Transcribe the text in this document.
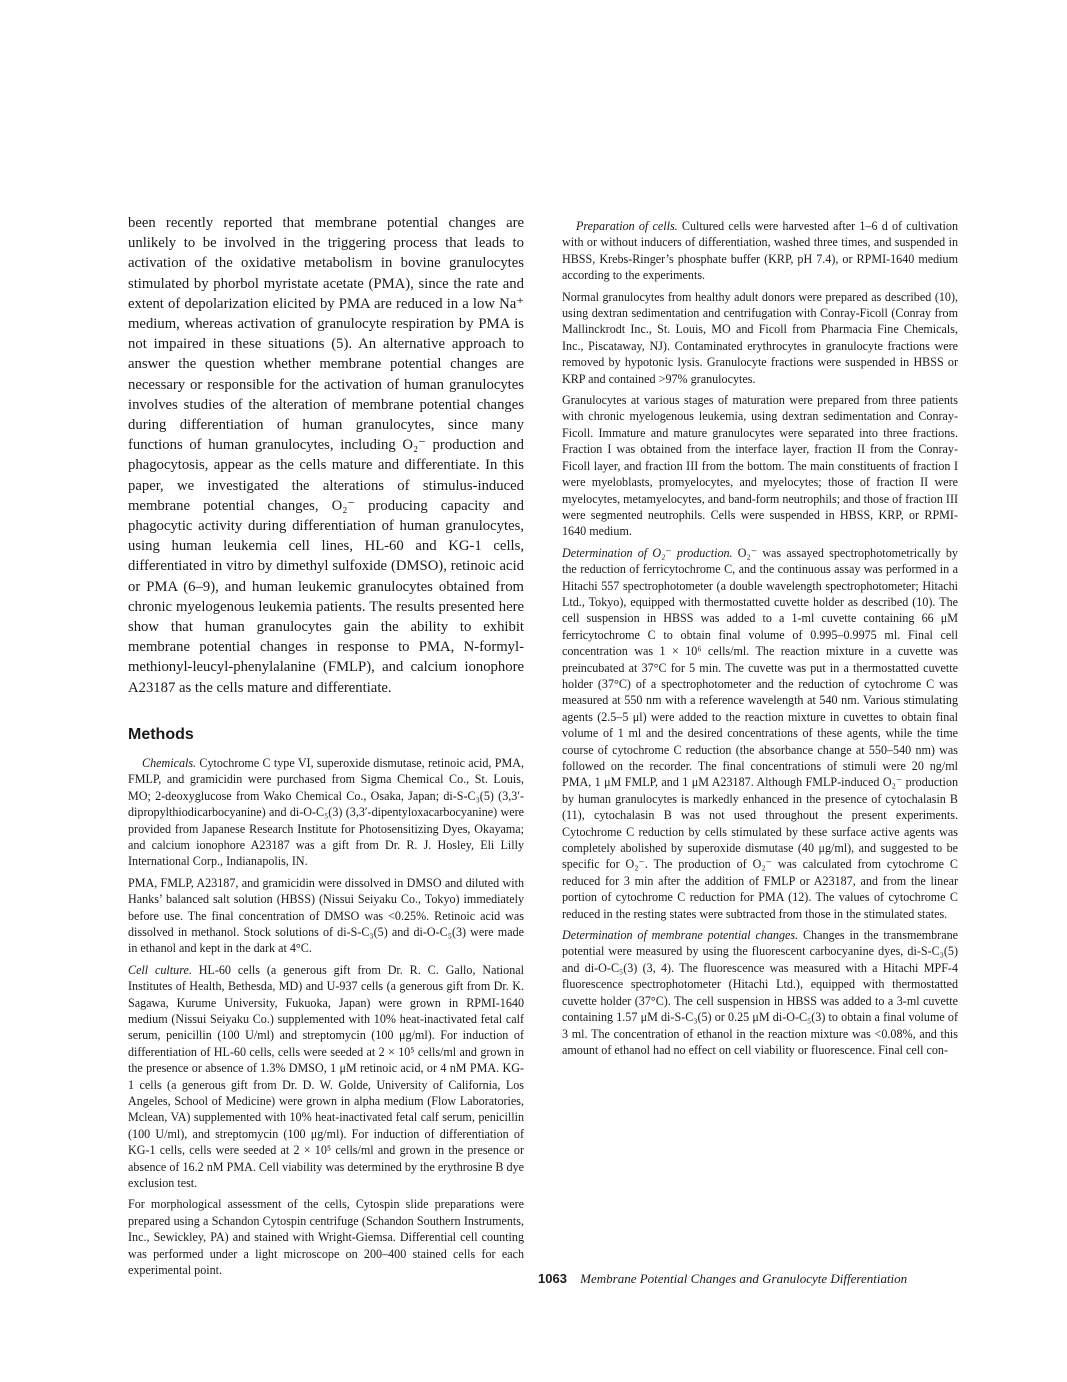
been recently reported that membrane potential changes are unlikely to be involved in the triggering process that leads to activation of the oxidative metabolism in bovine granulocytes stimulated by phorbol myristate acetate (PMA), since the rate and extent of depolarization elicited by PMA are reduced in a low Na⁺ medium, whereas activation of granulocyte respiration by PMA is not impaired in these situations (5). An alternative approach to answer the question whether membrane potential changes are necessary or responsible for the activation of human granulocytes involves studies of the alteration of membrane potential changes during differentiation of human granulocytes, since many functions of human granulocytes, including O₂⁻ production and phagocytosis, appear as the cells mature and differentiate. In this paper, we investigated the alterations of stimulus-induced membrane potential changes, O₂⁻ producing capacity and phagocytic activity during differentiation of human granulocytes, using human leukemia cell lines, HL-60 and KG-1 cells, differentiated in vitro by dimethyl sulfoxide (DMSO), retinoic acid or PMA (6–9), and human leukemic granulocytes obtained from chronic myelogenous leukemia patients. The results presented here show that human granulocytes gain the ability to exhibit membrane potential changes in response to PMA, N-formyl-methionyl-leucyl-phenylalanine (FMLP), and calcium ionophore A23187 as the cells mature and differentiate.

Methods

Chemicals. Cytochrome C type VI, superoxide dismutase, retinoic acid, PMA, FMLP, and gramicidin were purchased from Sigma Chemical Co., St. Louis, MO; 2-deoxyglucose from Wako Chemical Co., Osaka, Japan; di-S-C₃(5) (3,3′-dipropylthiodicarbocyanine) and di-O-C₅(3) (3,3′-dipentyloxacarbocyanine) were provided from Japanese Research Institute for Photosensitizing Dyes, Okayama; and calcium ionophore A23187 was a gift from Dr. R. J. Hosley, Eli Lilly International Corp., Indianapolis, IN.

PMA, FMLP, A23187, and gramicidin were dissolved in DMSO and diluted with Hanks’ balanced salt solution (HBSS) (Nissui Seiyaku Co., Tokyo) immediately before use. The final concentration of DMSO was <0.25%. Retinoic acid was dissolved in methanol. Stock solutions of di-S-C₃(5) and di-O-C₅(3) were made in ethanol and kept in the dark at 4°C.

Cell culture. HL-60 cells (a generous gift from Dr. R. C. Gallo, National Institutes of Health, Bethesda, MD) and U-937 cells (a generous gift from Dr. K. Sagawa, Kurume University, Fukuoka, Japan) were grown in RPMI-1640 medium (Nissui Seiyaku Co.) supplemented with 10% heat-inactivated fetal calf serum, penicillin (100 U/ml) and streptomycin (100 μg/ml). For induction of differentiation of HL-60 cells, cells were seeded at 2 × 10⁵ cells/ml and grown in the presence or absence of 1.3% DMSO, 1 μM retinoic acid, or 4 nM PMA. KG-1 cells (a generous gift from Dr. D. W. Golde, University of California, Los Angeles, School of Medicine) were grown in alpha medium (Flow Laboratories, Mclean, VA) supplemented with 10% heat-inactivated fetal calf serum, penicillin (100 U/ml), and streptomycin (100 μg/ml). For induction of differentiation of KG-1 cells, cells were seeded at 2 × 10⁵ cells/ml and grown in the presence or absence of 16.2 nM PMA. Cell viability was determined by the erythrosine B dye exclusion test.

For morphological assessment of the cells, Cytospin slide preparations were prepared using a Schandon Cytospin centrifuge (Schandon Southern Instruments, Inc., Sewickley, PA) and stained with Wright-Giemsa. Differential cell counting was performed under a light microscope on 200–400 stained cells for each experimental point.

Preparation of cells. Cultured cells were harvested after 1–6 d of cultivation with or without inducers of differentiation, washed three times, and suspended in HBSS, Krebs-Ringer’s phosphate buffer (KRP, pH 7.4), or RPMI-1640 medium according to the experiments.

Normal granulocytes from healthy adult donors were prepared as described (10), using dextran sedimentation and centrifugation with Conray-Ficoll (Conray from Mallinckrodt Inc., St. Louis, MO and Ficoll from Pharmacia Fine Chemicals, Inc., Piscataway, NJ). Contaminated erythrocytes in granulocyte fractions were removed by hypotonic lysis. Granulocyte fractions were suspended in HBSS or KRP and contained >97% granulocytes.

Granulocytes at various stages of maturation were prepared from three patients with chronic myelogenous leukemia, using dextran sedimentation and Conray-Ficoll. Immature and mature granulocytes were separated into three fractions. Fraction I was obtained from the interface layer, fraction II from the Conray-Ficoll layer, and fraction III from the bottom. The main constituents of fraction I were myeloblasts, promyelocytes, and myelocytes; those of fraction II were myelocytes, metamyelocytes, and band-form neutrophils; and those of fraction III were segmented neutrophils. Cells were suspended in HBSS, KRP, or RPMI-1640 medium.

Determination of O₂⁻ production. O₂⁻ was assayed spectrophotometrically by the reduction of ferricytochrome C, and the continuous assay was performed in a Hitachi 557 spectrophotometer (a double wavelength spectrophotometer; Hitachi Ltd., Tokyo), equipped with thermostatted cuvette holder as described (10). The cell suspension in HBSS was added to a 1-ml cuvette containing 66 μM ferricytochrome C to obtain final volume of 0.995–0.9975 ml. Final cell concentration was 1 × 10⁶ cells/ml. The reaction mixture in a cuvette was preincubated at 37°C for 5 min. The cuvette was put in a thermostatted cuvette holder (37°C) of a spectrophotometer and the reduction of cytochrome C was measured at 550 nm with a reference wavelength at 540 nm. Various stimulating agents (2.5–5 μl) were added to the reaction mixture in cuvettes to obtain final volume of 1 ml and the desired concentrations of these agents, while the time course of cytochrome C reduction (the absorbance change at 550–540 nm) was followed on the recorder. The final concentrations of stimuli were 20 ng/ml PMA, 1 μM FMLP, and 1 μM A23187. Although FMLP-induced O₂⁻ production by human granulocytes is markedly enhanced in the presence of cytochalasin B (11), cytochalasin B was not used throughout the present experiments. Cytochrome C reduction by cells stimulated by these surface active agents was completely abolished by superoxide dismutase (40 μg/ml), and suggested to be specific for O₂⁻. The production of O₂⁻ was calculated from cytochrome C reduced for 3 min after the addition of FMLP or A23187, and from the linear portion of cytochrome C reduction for PMA (12). The values of cytochrome C reduced in the resting states were subtracted from those in the stimulated states.

Determination of membrane potential changes. Changes in the transmembrane potential were measured by using the fluorescent carbocyanine dyes, di-S-C₃(5) and di-O-C₅(3) (3, 4). The fluorescence was measured with a Hitachi MPF-4 fluorescence spectrophotometer (Hitachi Ltd.), equipped with thermostatted cuvette holder (37°C). The cell suspension in HBSS was added to a 3-ml cuvette containing 1.57 μM di-S-C₃(5) or 0.25 μM di-O-C₅(3) to obtain a final volume of 3 ml. The concentration of ethanol in the reaction mixture was <0.08%, and this amount of ethanol had no effect on cell viability or fluorescence. Final cell con-

1063 Membrane Potential Changes and Granulocyte Differentiation
